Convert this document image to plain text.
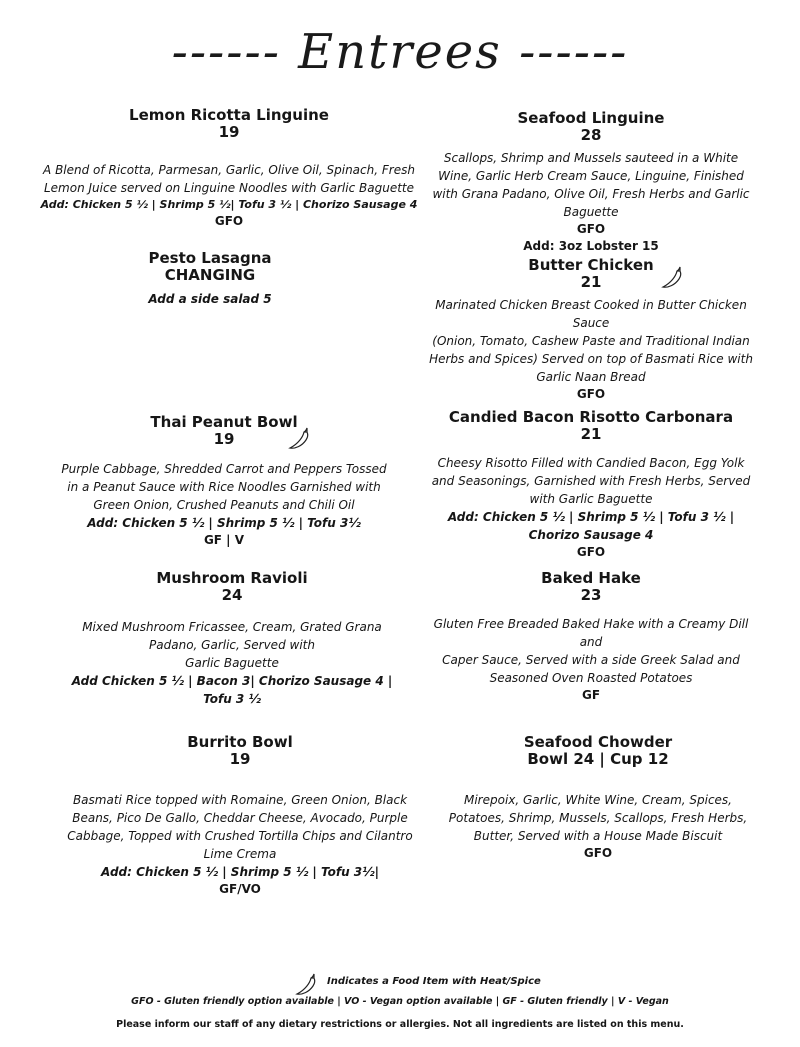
------ Entrees ------
Lemon Ricotta Linguine
19
A Blend of Ricotta, Parmesan, Garlic, Olive Oil, Spinach, Fresh
Lemon Juice served on Linguine Noodles with Garlic Baguette
Add: Chicken 5 ½ | Shrimp 5 ½| Tofu 3 ½ | Chorizo Sausage 4
GFO
Pesto Lasagna
CHANGING
Add a side salad 5
Seafood Linguine
28
Scallops, Shrimp and Mussels sauteed in a White
Wine, Garlic Herb Cream Sauce, Linguine, Finished
with Grana Padano, Olive Oil, Fresh Herbs and Garlic
Baguette
GFO
Add: 3oz Lobster 15
Butter Chicken
21
Marinated Chicken Breast Cooked in Butter Chicken Sauce
(Onion, Tomato, Cashew Paste and Traditional Indian
Herbs and Spices) Served on top of Basmati Rice with
Garlic Naan Bread
GFO
Thai Peanut Bowl
19
Purple Cabbage, Shredded Carrot and Peppers Tossed
in a Peanut Sauce with Rice Noodles Garnished with
Green Onion, Crushed Peanuts and Chili Oil
Add: Chicken 5 ½ | Shrimp 5 ½ | Tofu 3½
GF | V
Candied Bacon Risotto Carbonara
21
Cheesy Risotto Filled with Candied Bacon, Egg Yolk
and Seasonings, Garnished with Fresh Herbs, Served
with Garlic Baguette
Add: Chicken 5 ½ | Shrimp 5 ½ | Tofu 3 ½ |
Chorizo Sausage 4
GFO
Mushroom Ravioli
24
Mixed Mushroom Fricassee, Cream, Grated Grana
Padano, Garlic, Served with
Garlic Baguette
Add Chicken 5 ½ | Bacon 3| Chorizo Sausage 4 |
Tofu 3 ½
Baked Hake
23
Gluten Free Breaded Baked Hake with a Creamy Dill and
Caper Sauce, Served with a side Greek Salad and
Seasoned Oven Roasted Potatoes
GF
Burrito Bowl
19
Basmati Rice topped with Romaine, Green Onion, Black
Beans, Pico De Gallo, Cheddar Cheese, Avocado, Purple
Cabbage, Topped with Crushed Tortilla Chips and Cilantro
Lime Crema
Add: Chicken 5 ½ | Shrimp 5 ½ | Tofu 3½|
GF/VO
Seafood Chowder
Bowl 24 | Cup 12
Mirepoix, Garlic, White Wine, Cream, Spices,
Potatoes, Shrimp, Mussels, Scallops, Fresh Herbs,
Butter, Served with a House Made Biscuit
GFO
Indicates a Food Item with Heat/Spice
GFO - Gluten friendly option available | VO - Vegan option available | GF - Gluten friendly | V - Vegan
Please inform our staff of any dietary restrictions or allergies. Not all ingredients are listed on this menu.
